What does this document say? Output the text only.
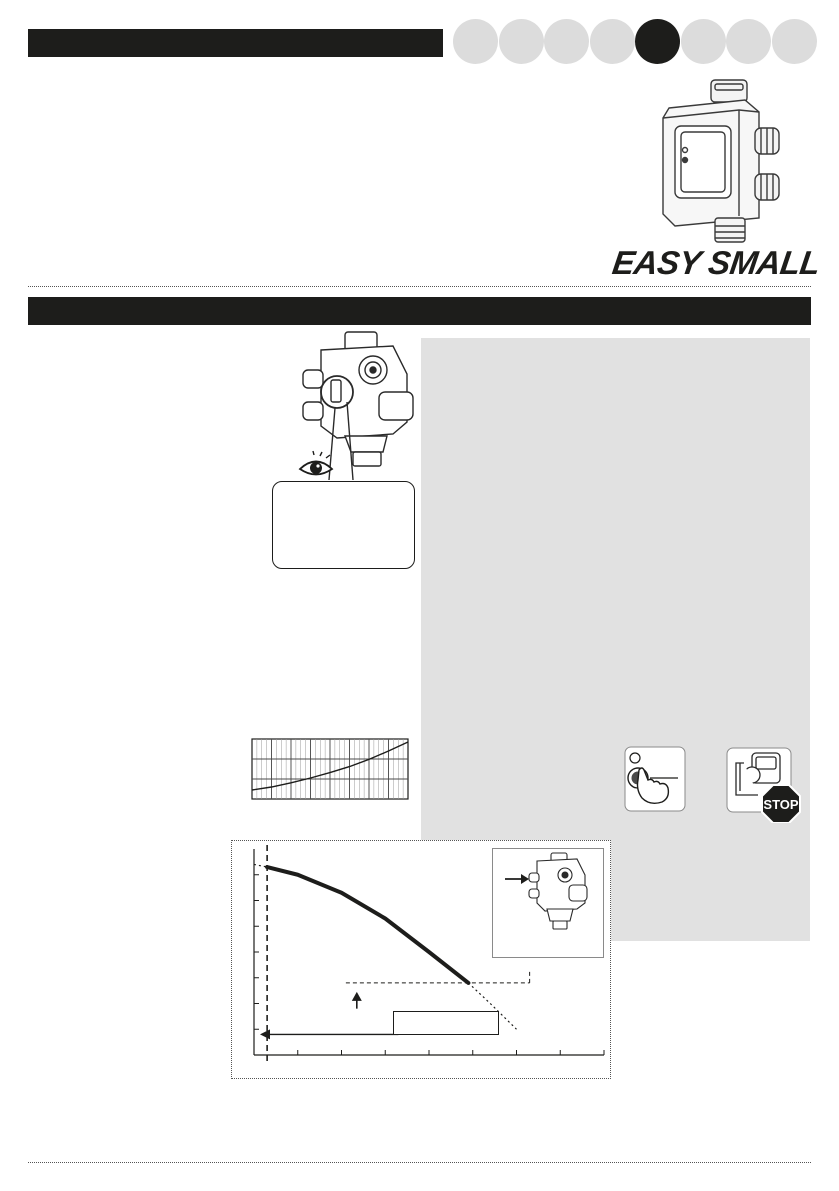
EASY SMALL
STOP
